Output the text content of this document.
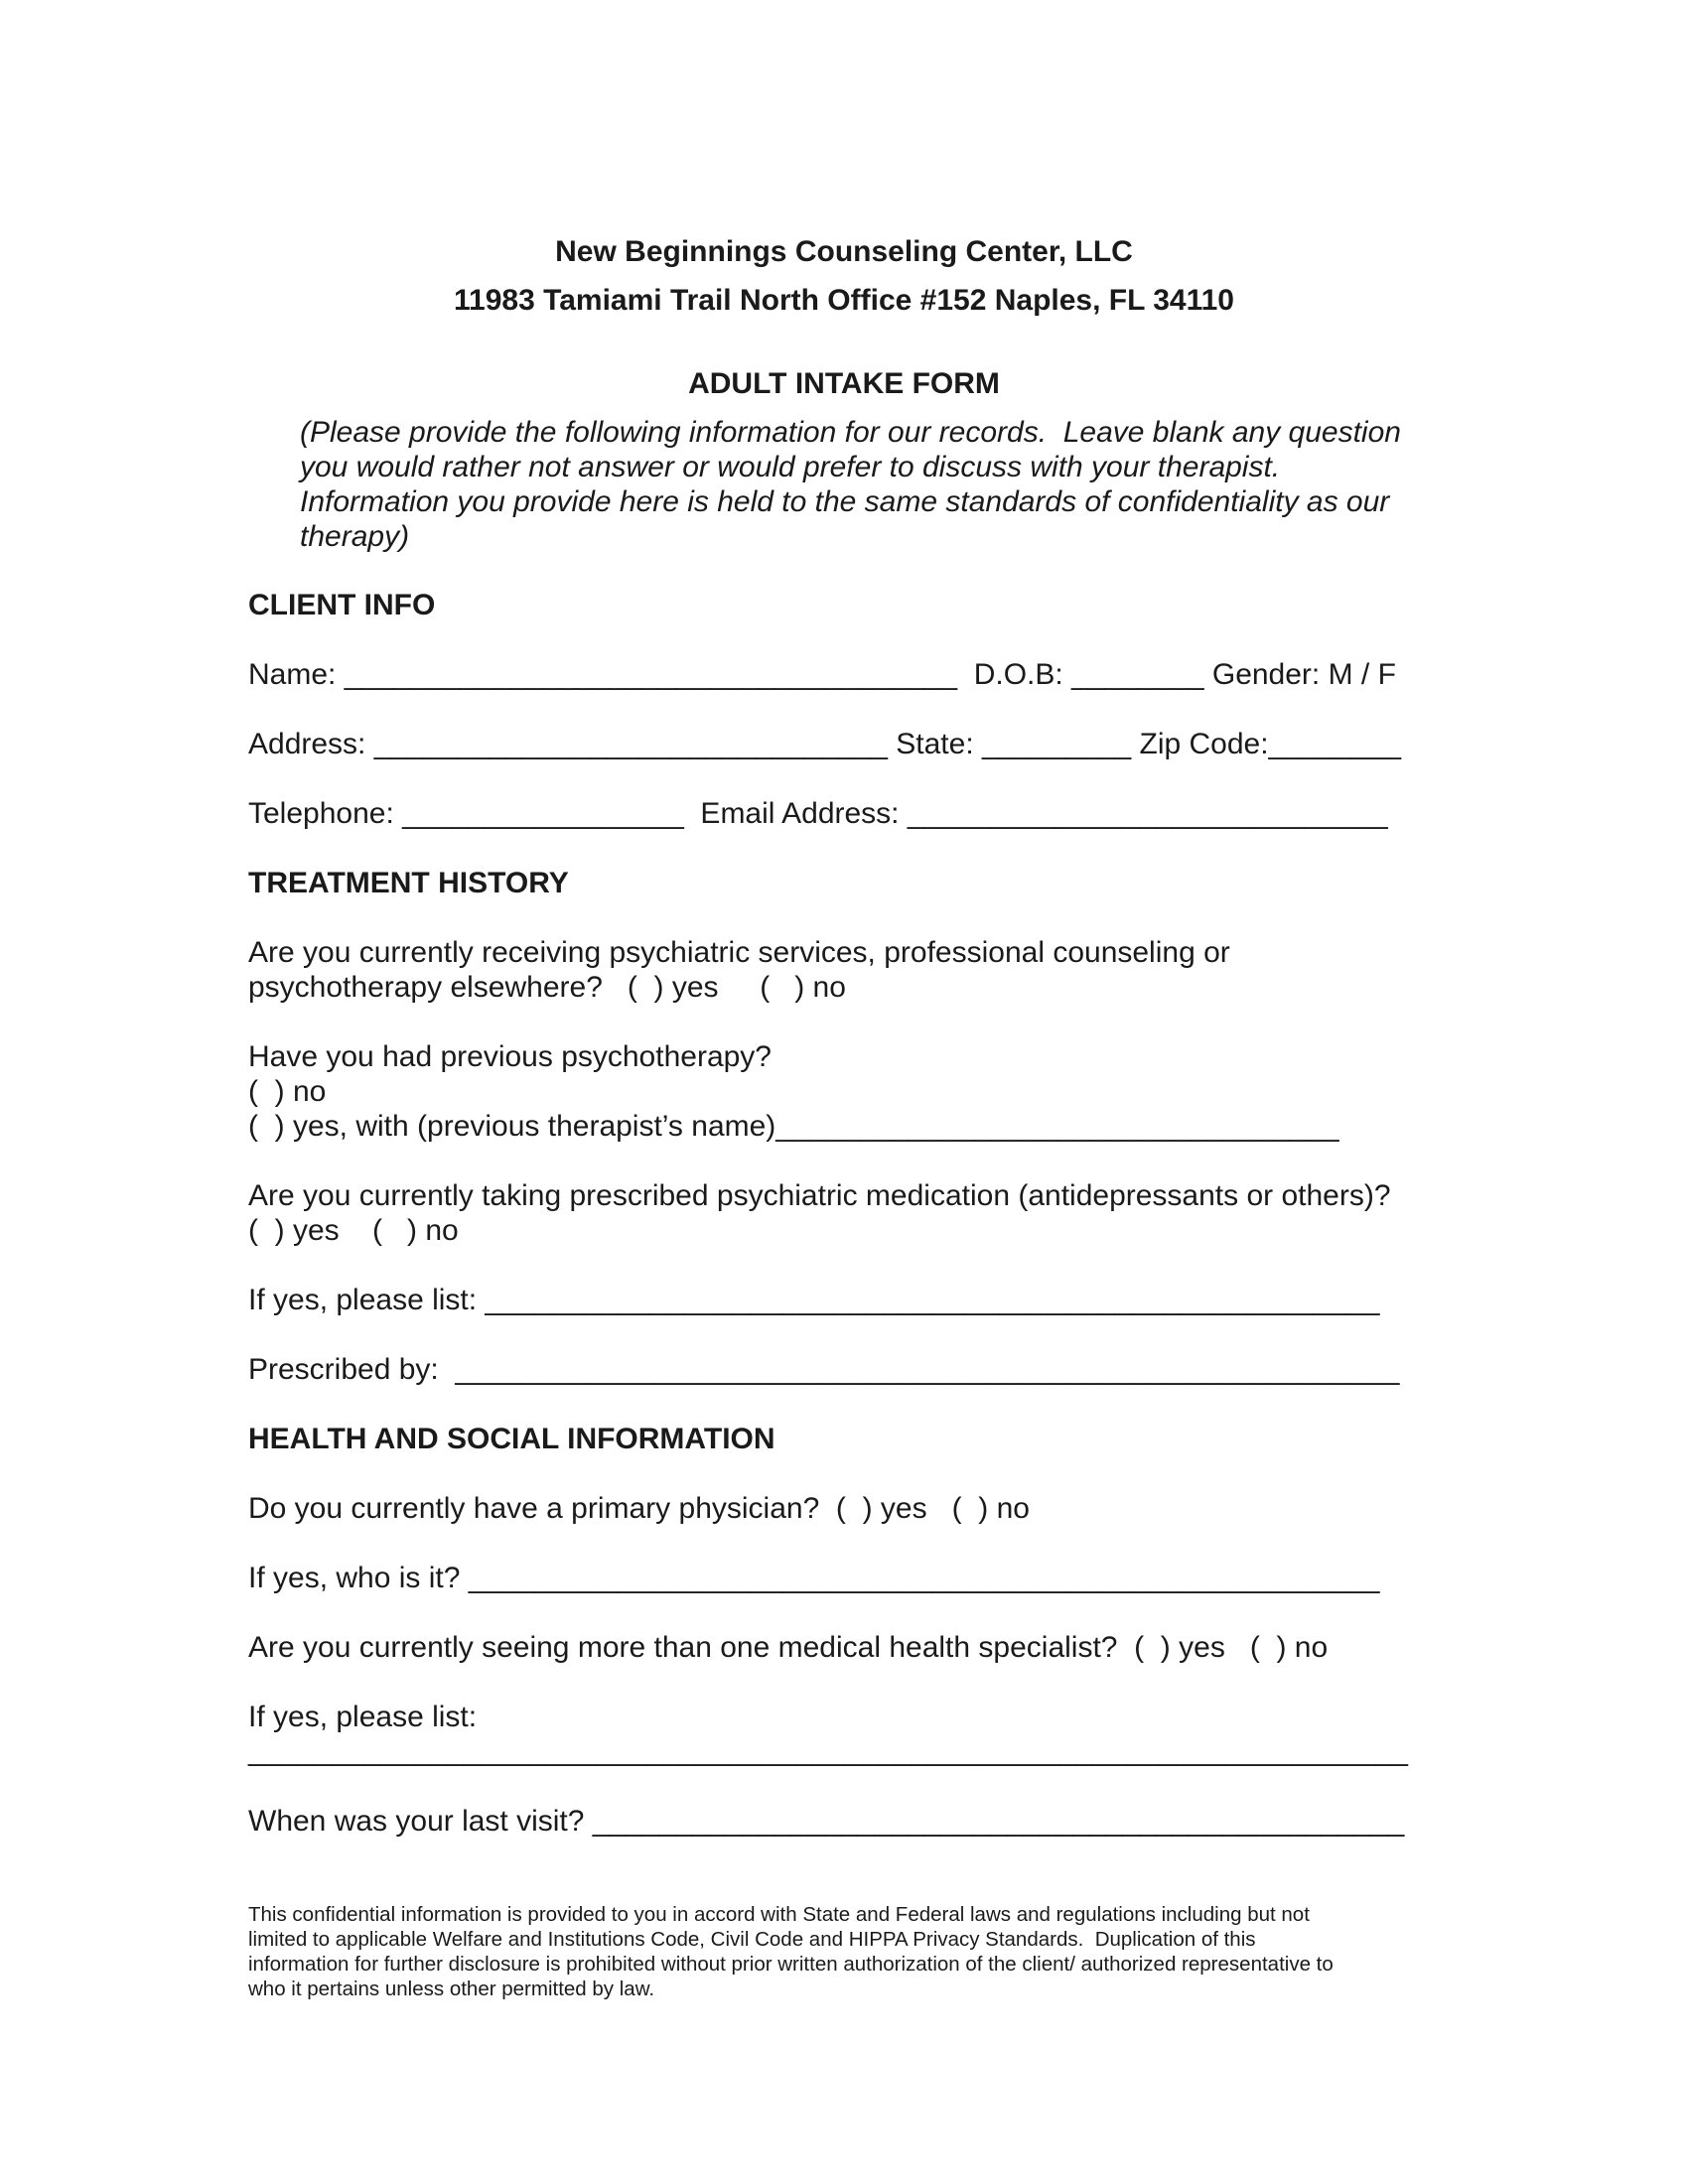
New Beginnings Counseling Center, LLC
11983 Tamiami Trail North Office #152 Naples, FL 34110
ADULT INTAKE FORM
(Please provide the following information for our records.  Leave blank any question
you would rather not answer or would prefer to discuss with your therapist.
Information you provide here is held to the same standards of confidentiality as our
therapy)
CLIENT INFO
Name: _____________________________________  D.O.B: ________ Gender: M / F
Address: _______________________________ State: _________ Zip Code:________
Telephone: _________________  Email Address: _____________________________
TREATMENT HISTORY
Are you currently receiving psychiatric services, professional counseling or
psychotherapy elsewhere?   (  ) yes     (   ) no
Have you had previous psychotherapy?
(  ) no
(  ) yes, with (previous therapist’s name)__________________________________
Are you currently taking prescribed psychiatric medication (antidepressants or others)?
(  ) yes    (   ) no
If yes, please list: ______________________________________________________
Prescribed by:  _________________________________________________________
HEALTH AND SOCIAL INFORMATION
Do you currently have a primary physician?  (  ) yes   (  ) no
If yes, who is it? _______________________________________________________
Are you currently seeing more than one medical health specialist?  (  ) yes   (  ) no
If yes, please list:
______________________________________________________________________
When was your last visit? _________________________________________________
This confidential information is provided to you in accord with State and Federal laws and regulations including but not
limited to applicable Welfare and Institutions Code, Civil Code and HIPPA Privacy Standards.  Duplication of this
information for further disclosure is prohibited without prior written authorization of the client/ authorized representative to
who it pertains unless other permitted by law.
